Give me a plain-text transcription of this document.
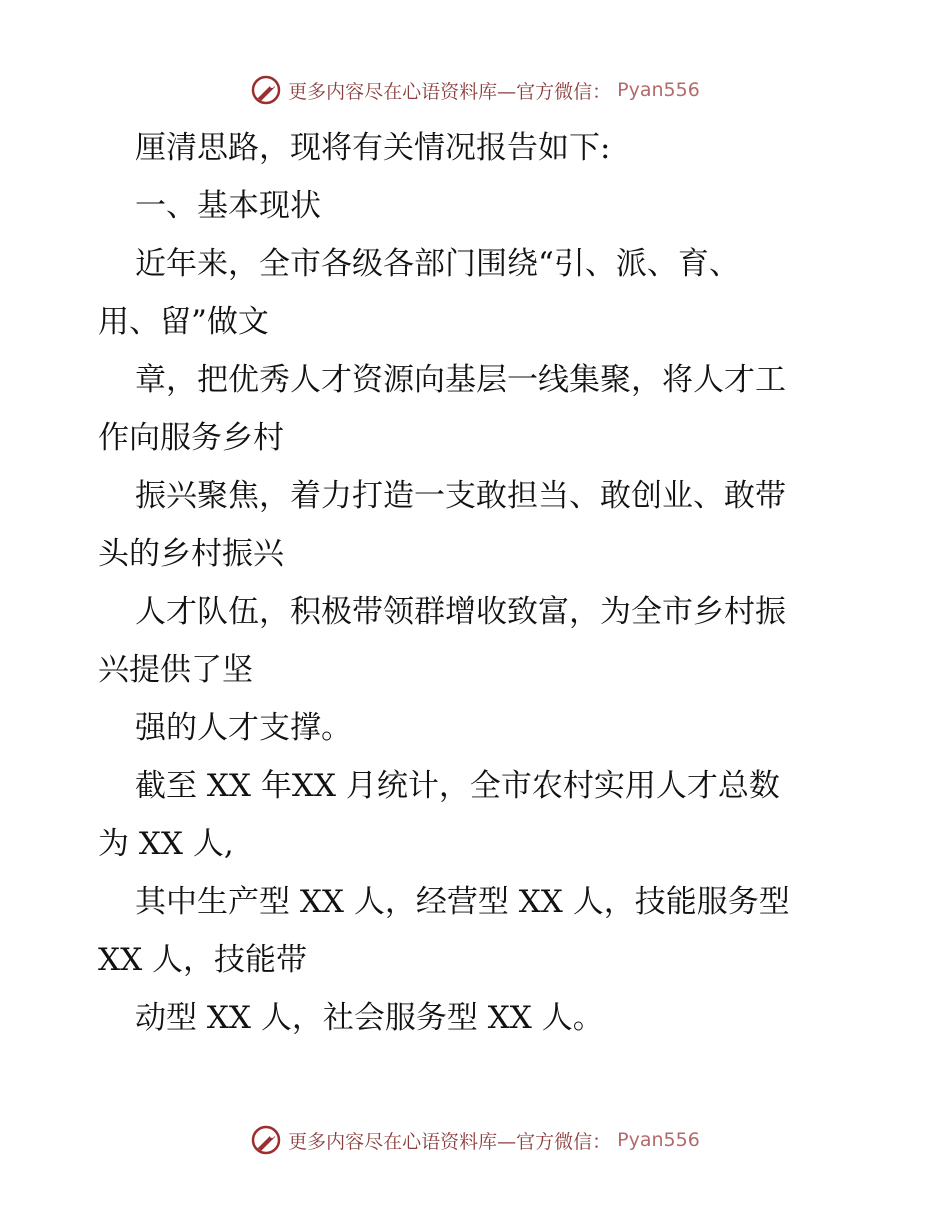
更多内容尽在心语资料库—官方微信： Pyan556
厘清思路，现将有关情况报告如下:
一、基本现状
近年来，全市各级各部门围绕“引、派、育、
用、留”做文
章，把优秀人才资源向基层一线集聚，将人才工
作向服务乡村
振兴聚焦，着力打造一支敢担当、敢创业、敢带
头的乡村振兴
人才队伍，积极带领群增收致富，为全市乡村振
兴提供了坚
强的人才支撑。
截至 XX 年XX 月统计，全市农村实用人才总数
为 XX 人,
其中生产型 XX 人，经营型 XX 人，技能服务型
XX 人，技能带
动型 XX 人，社会服务型 XX 人。
更多内容尽在心语资料库—官方微信： Pyan556
